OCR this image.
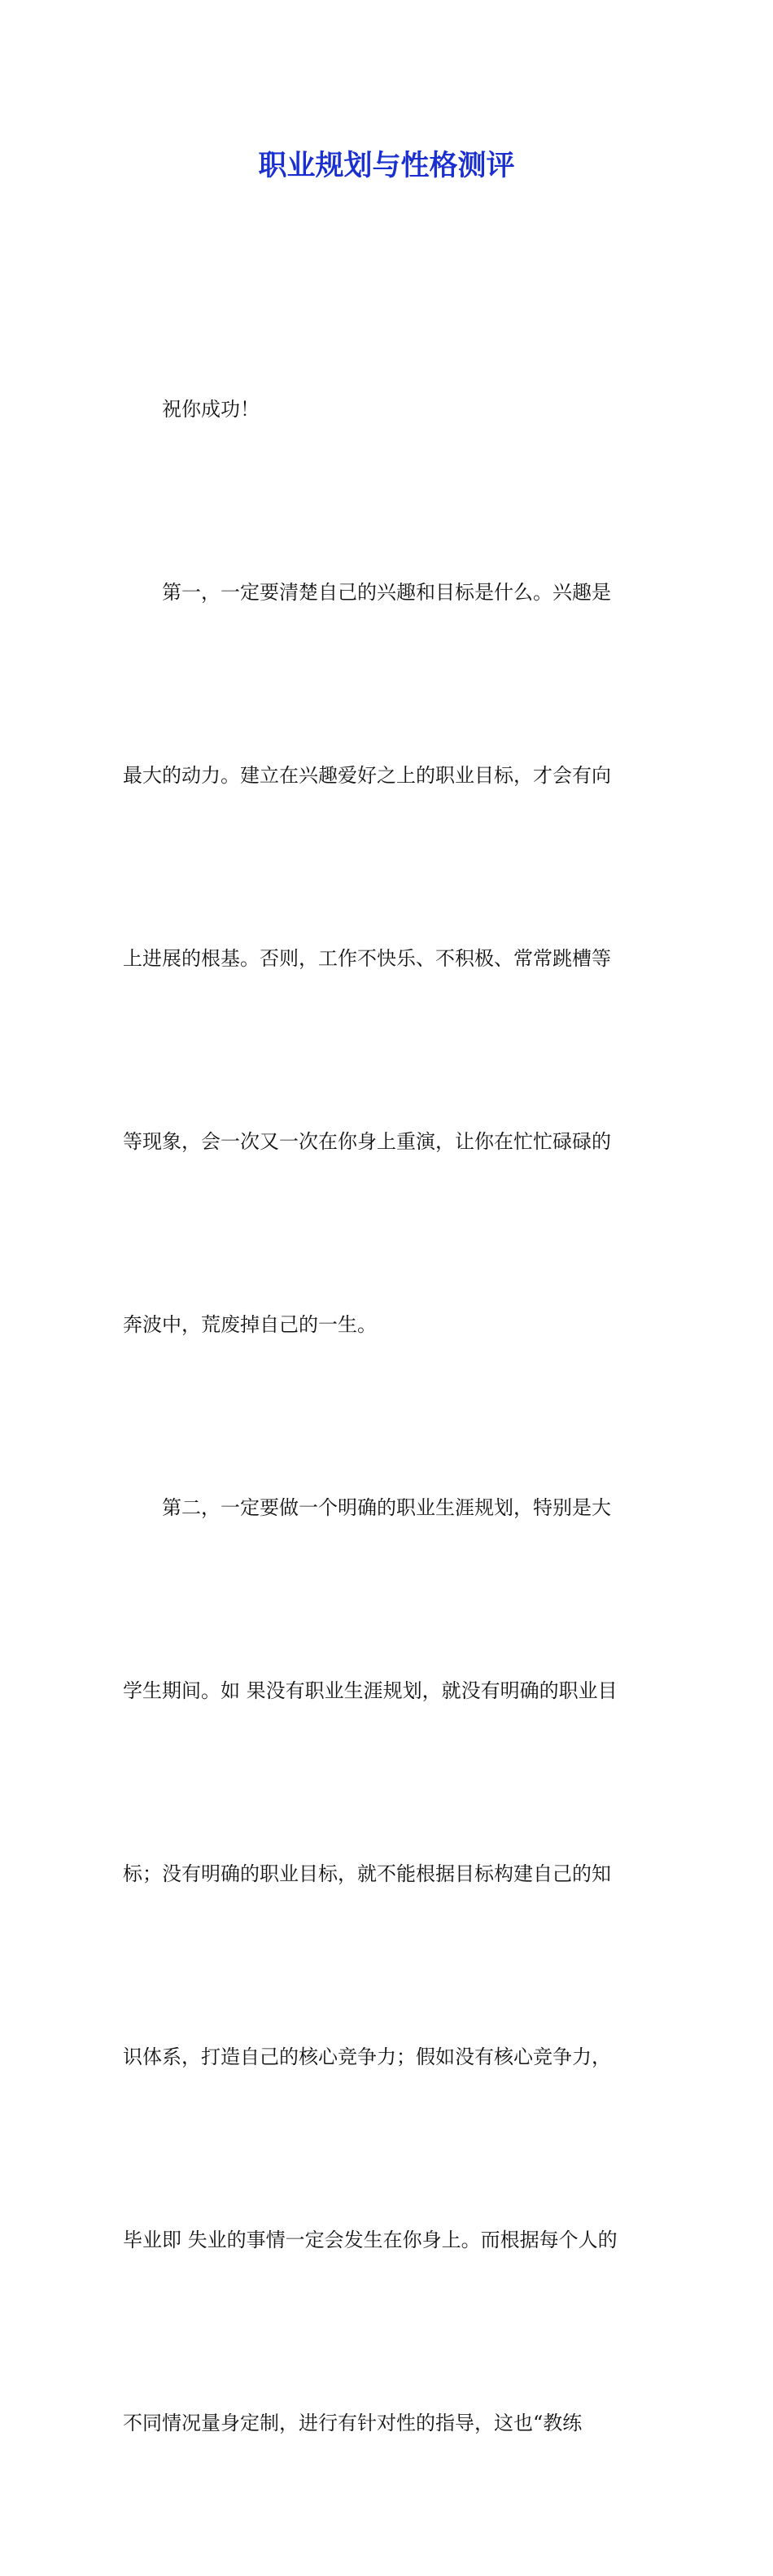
职业规划与性格测评

　　祝你成功！

　　第一，一定要清楚自己的兴趣和目标是什么。兴趣是

最大的动力。建立在兴趣爱好之上的职业目标，才会有向

上进展的根基。否则，工作不快乐、不积极、常常跳槽等

等现象，会一次又一次在你身上重演，让你在忙忙碌碌的

奔波中，荒废掉自己的一生。

　　第二，一定要做一个明确的职业生涯规划，特别是大

学生期间。如 果没有职业生涯规划，就没有明确的职业目

标；没有明确的职业目标，就不能根据目标构建自己的知

识体系，打造自己的核心竞争力；假如没有核心竞争力，

毕业即 失业的事情一定会发生在你身上。而根据每个人的

不同情况量身定制，进行有针对性的指导，这也“教练
